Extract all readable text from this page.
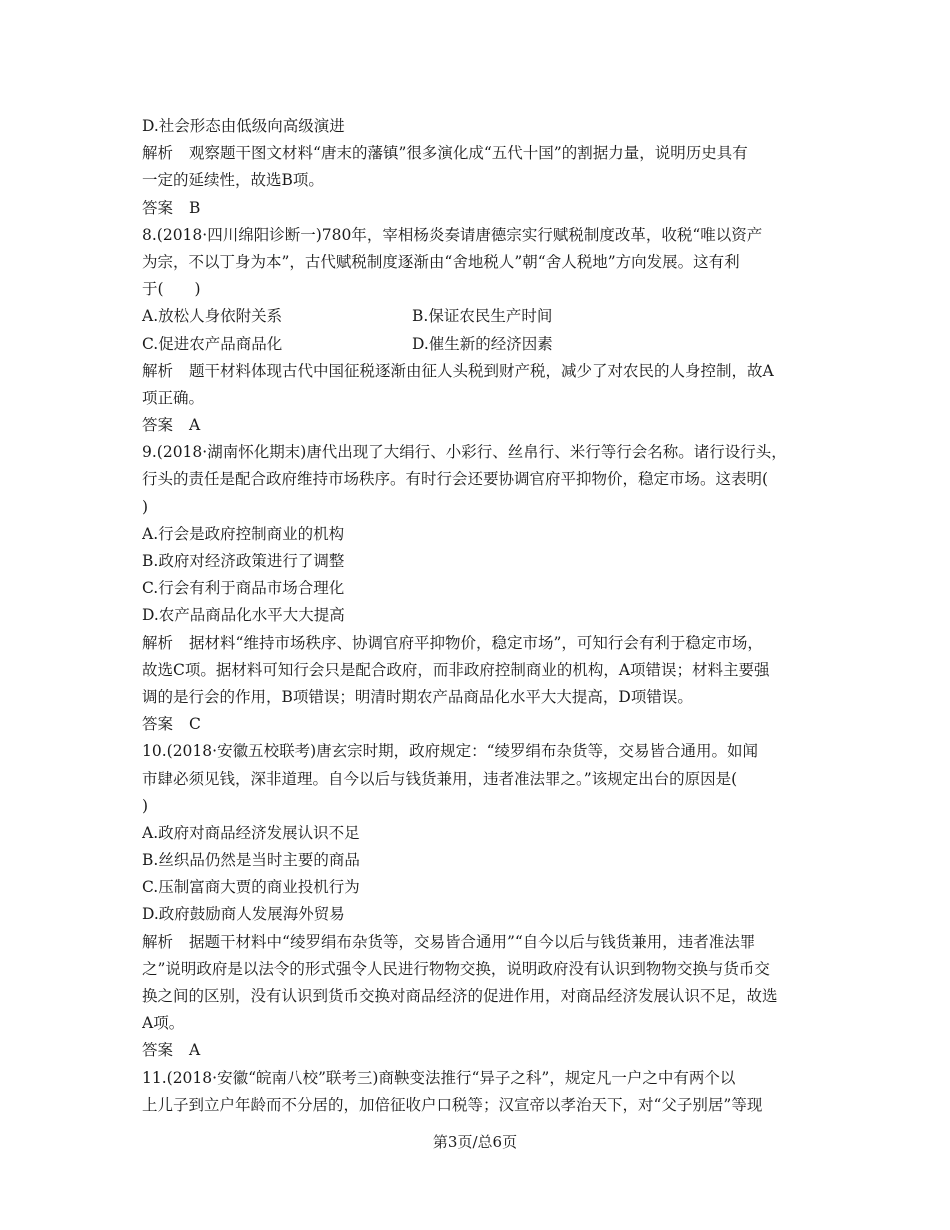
D.社会形态由低级向高级演进
解析 观察题干图文材料“唐末的藩镇”很多演化成“五代十国”的割据力量，说明历史具有
一定的延续性，故选B项。
答案 B
8.(2018·四川绵阳诊断一)780年，宰相杨炎奏请唐德宗实行赋税制度改革，收税“唯以资产
为宗，不以丁身为本”，古代赋税制度逐渐由“舍地税人”朝“舍人税地”方向发展。这有利
于(　　)
A.放松人身依附关系	B.保证农民生产时间
C.促进农产品商品化	D.催生新的经济因素
解析 题干材料体现古代中国征税逐渐由征人头税到财产税，减少了对农民的人身控制，故A
项正确。
答案 A
9.(2018·湖南怀化期末)唐代出现了大绢行、小彩行、丝帛行、米行等行会名称。诸行设行头，
行头的责任是配合政府维持市场秩序。有时行会还要协调官府平抑物价，稳定市场。这表明(
)
A.行会是政府控制商业的机构
B.政府对经济政策进行了调整
C.行会有利于商品市场合理化
D.农产品商品化水平大大提高
解析 据材料“维持市场秩序、协调官府平抑物价，稳定市场”，可知行会有利于稳定市场，
故选C项。据材料可知行会只是配合政府，而非政府控制商业的机构，A项错误；材料主要强
调的是行会的作用，B项错误；明清时期农产品商品化水平大大提高，D项错误。
答案 C
10.(2018·安徽五校联考)唐玄宗时期，政府规定：“绫罗绢布杂货等，交易皆合通用。如闻
市肆必须见钱，深非道理。自今以后与钱货兼用，违者准法罪之。”该规定出台的原因是(
)
A.政府对商品经济发展认识不足
B.丝织品仍然是当时主要的商品
C.压制富商大贾的商业投机行为
D.政府鼓励商人发展海外贸易
解析 据题干材料中“绫罗绢布杂货等，交易皆合通用”“自今以后与钱货兼用，违者准法罪
之”说明政府是以法令的形式强令人民进行物物交换，说明政府没有认识到物物交换与货币交
换之间的区别，没有认识到货币交换对商品经济的促进作用，对商品经济发展认识不足，故选
A项。
答案 A
11.(2018·安徽“皖南八校”联考三)商鞅变法推行“异子之科”，规定凡一户之中有两个以
上儿子到立户年龄而不分居的，加倍征收户口税等；汉宣帝以孝治天下，对“父子别居”等现
第3页/总6页
